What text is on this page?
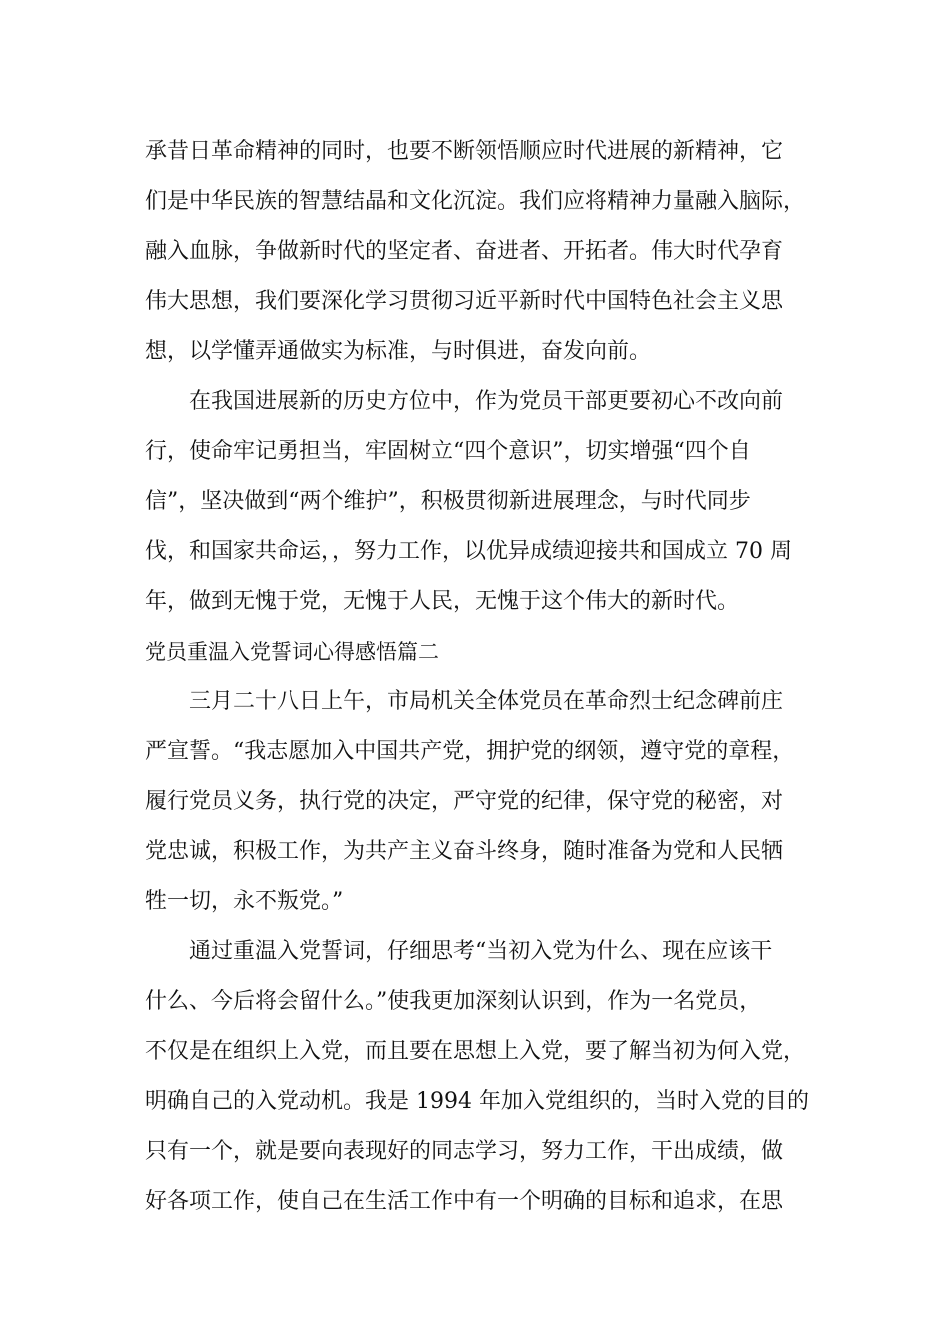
承昔日革命精神的同时，也要不断领悟顺应时代进展的新精神，它
们是中华民族的智慧结晶和文化沉淀。我们应将精神力量融入脑际，
融入血脉，争做新时代的坚定者、奋进者、开拓者。伟大时代孕育
伟大思想，我们要深化学习贯彻习近平新时代中国特色社会主义思
想，以学懂弄通做实为标准，与时俱进，奋发向前。
在我国进展新的历史方位中，作为党员干部更要初心不改向前
行，使命牢记勇担当，牢固树立“四个意识”，切实增强“四个自
信”，坚决做到“两个维护”，积极贯彻新进展理念，与时代同步
伐，和国家共命运，，努力工作，以优异成绩迎接共和国成立 70 周
年，做到无愧于党，无愧于人民，无愧于这个伟大的新时代。
党员重温入党誓词心得感悟篇二
三月二十八日上午，市局机关全体党员在革命烈士纪念碑前庄
严宣誓。“我志愿加入中国共产党，拥护党的纲领，遵守党的章程，
履行党员义务，执行党的决定，严守党的纪律，保守党的秘密，对
党忠诚，积极工作，为共产主义奋斗终身，随时准备为党和人民牺
牲一切，永不叛党。”
通过重温入党誓词，仔细思考“当初入党为什么、现在应该干
什么、今后将会留什么。”使我更加深刻认识到，作为一名党员，
不仅是在组织上入党，而且要在思想上入党，要了解当初为何入党，
明确自己的入党动机。我是 1994 年加入党组织的，当时入党的目的
只有一个，就是要向表现好的同志学习，努力工作，干出成绩，做
好各项工作，使自己在生活工作中有一个明确的目标和追求，在思
